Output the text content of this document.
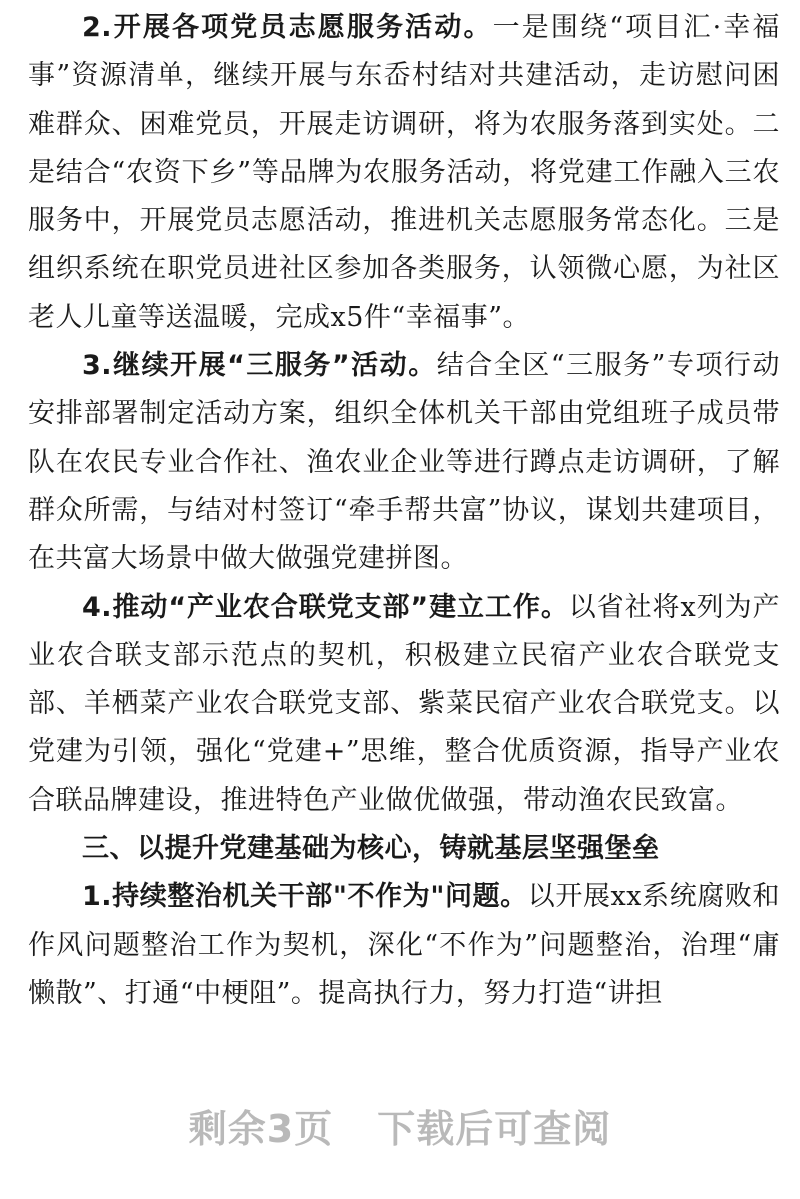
2.开展各项党员志愿服务活动。一是围绕“项目汇·幸福事”资源清单，继续开展与东岙村结对共建活动，走访慰问困难群众、困难党员，开展走访调研，将为农服务落到实处。二是结合“农资下乡”等品牌为农服务活动，将党建工作融入三农服务中，开展党员志愿活动，推进机关志愿服务常态化。三是组织系统在职党员进社区参加各类服务，认领微心愿，为社区老人儿童等送温暖，完成x5件“幸福事”。

3.继续开展“三服务”活动。结合全区“三服务”专项行动安排部署制定活动方案，组织全体机关干部由党组班子成员带队在农民专业合作社、渔农业企业等进行蹲点走访调研，了解群众所需，与结对村签订“牵手帮共富”协议，谋划共建项目，在共富大场景中做大做强党建拼图。

4.推动“产业农合联党支部”建立工作。以省社将x列为产业农合联支部示范点的契机，积极建立民宿产业农合联党支部、羊栖菜产业农合联党支部、紫菜民宿产业农合联党支。以党建为引领，强化“党建+”思维，整合优质资源，指导产业农合联品牌建设，推进特色产业做优做强，带动渔农民致富。

三、以提升党建基础为核心，铸就基层坚强堡垒

1.持续整治机关干部"不作为"问题。以开展xx系统腐败和作风问题整治工作为契机，深化“不作为”问题整治，治理“庸懒散”、打通“中梗阻”。提高执行力，努力打造“讲担

剩余3页 下载后可查阅
